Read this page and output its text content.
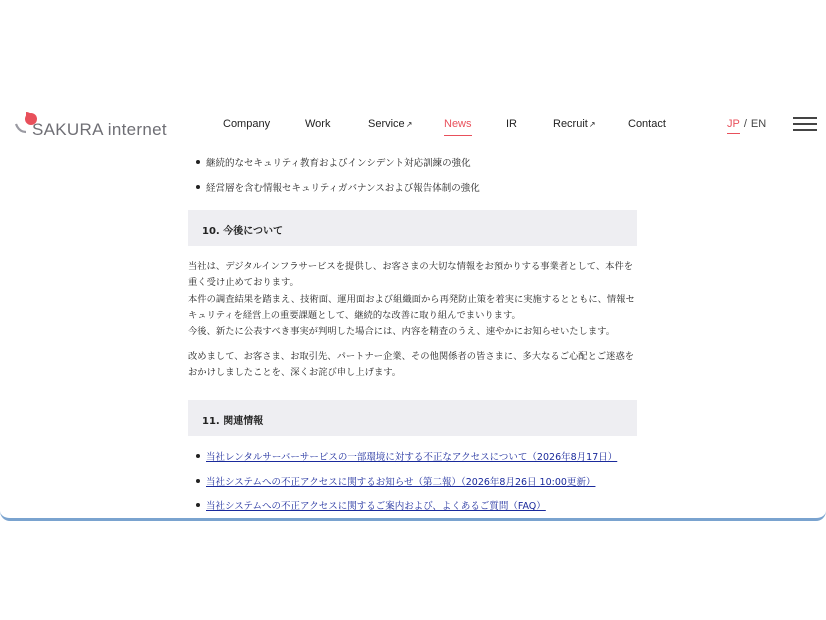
SAKURA internet	Company	Work	Service↗	News	IR	Recruit↗	Contact	JP / EN
継続的なセキュリティ教育およびインシデント対応訓練の強化
経営層を含む情報セキュリティガバナンスおよび報告体制の強化
10. 今後について
当社は、デジタルインフラサービスを提供し、お客さまの大切な情報をお預かりする事業者として、本件を重く受け止めております。
本件の調査結果を踏まえ、技術面、運用面および組織面から再発防止策を着実に実施するとともに、情報セキュリティを経営上の重要課題として、継続的な改善に取り組んでまいります。
今後、新たに公表すべき事実が判明した場合には、内容を精査のうえ、速やかにお知らせいたします。
改めまして、お客さま、お取引先、パートナー企業、その他関係者の皆さまに、多大なるご心配とご迷惑をおかけしましたことを、深くお詫び申し上げます。
11. 関連情報
当社レンタルサーバーサービスの一部環境に対する不正なアクセスについて（2026年8月17日）
当社システムへの不正アクセスに関するお知らせ（第二報）（2026年8月26日 10:00更新）
当社システムへの不正アクセスに関するご案内および、よくあるご質問（FAQ）
